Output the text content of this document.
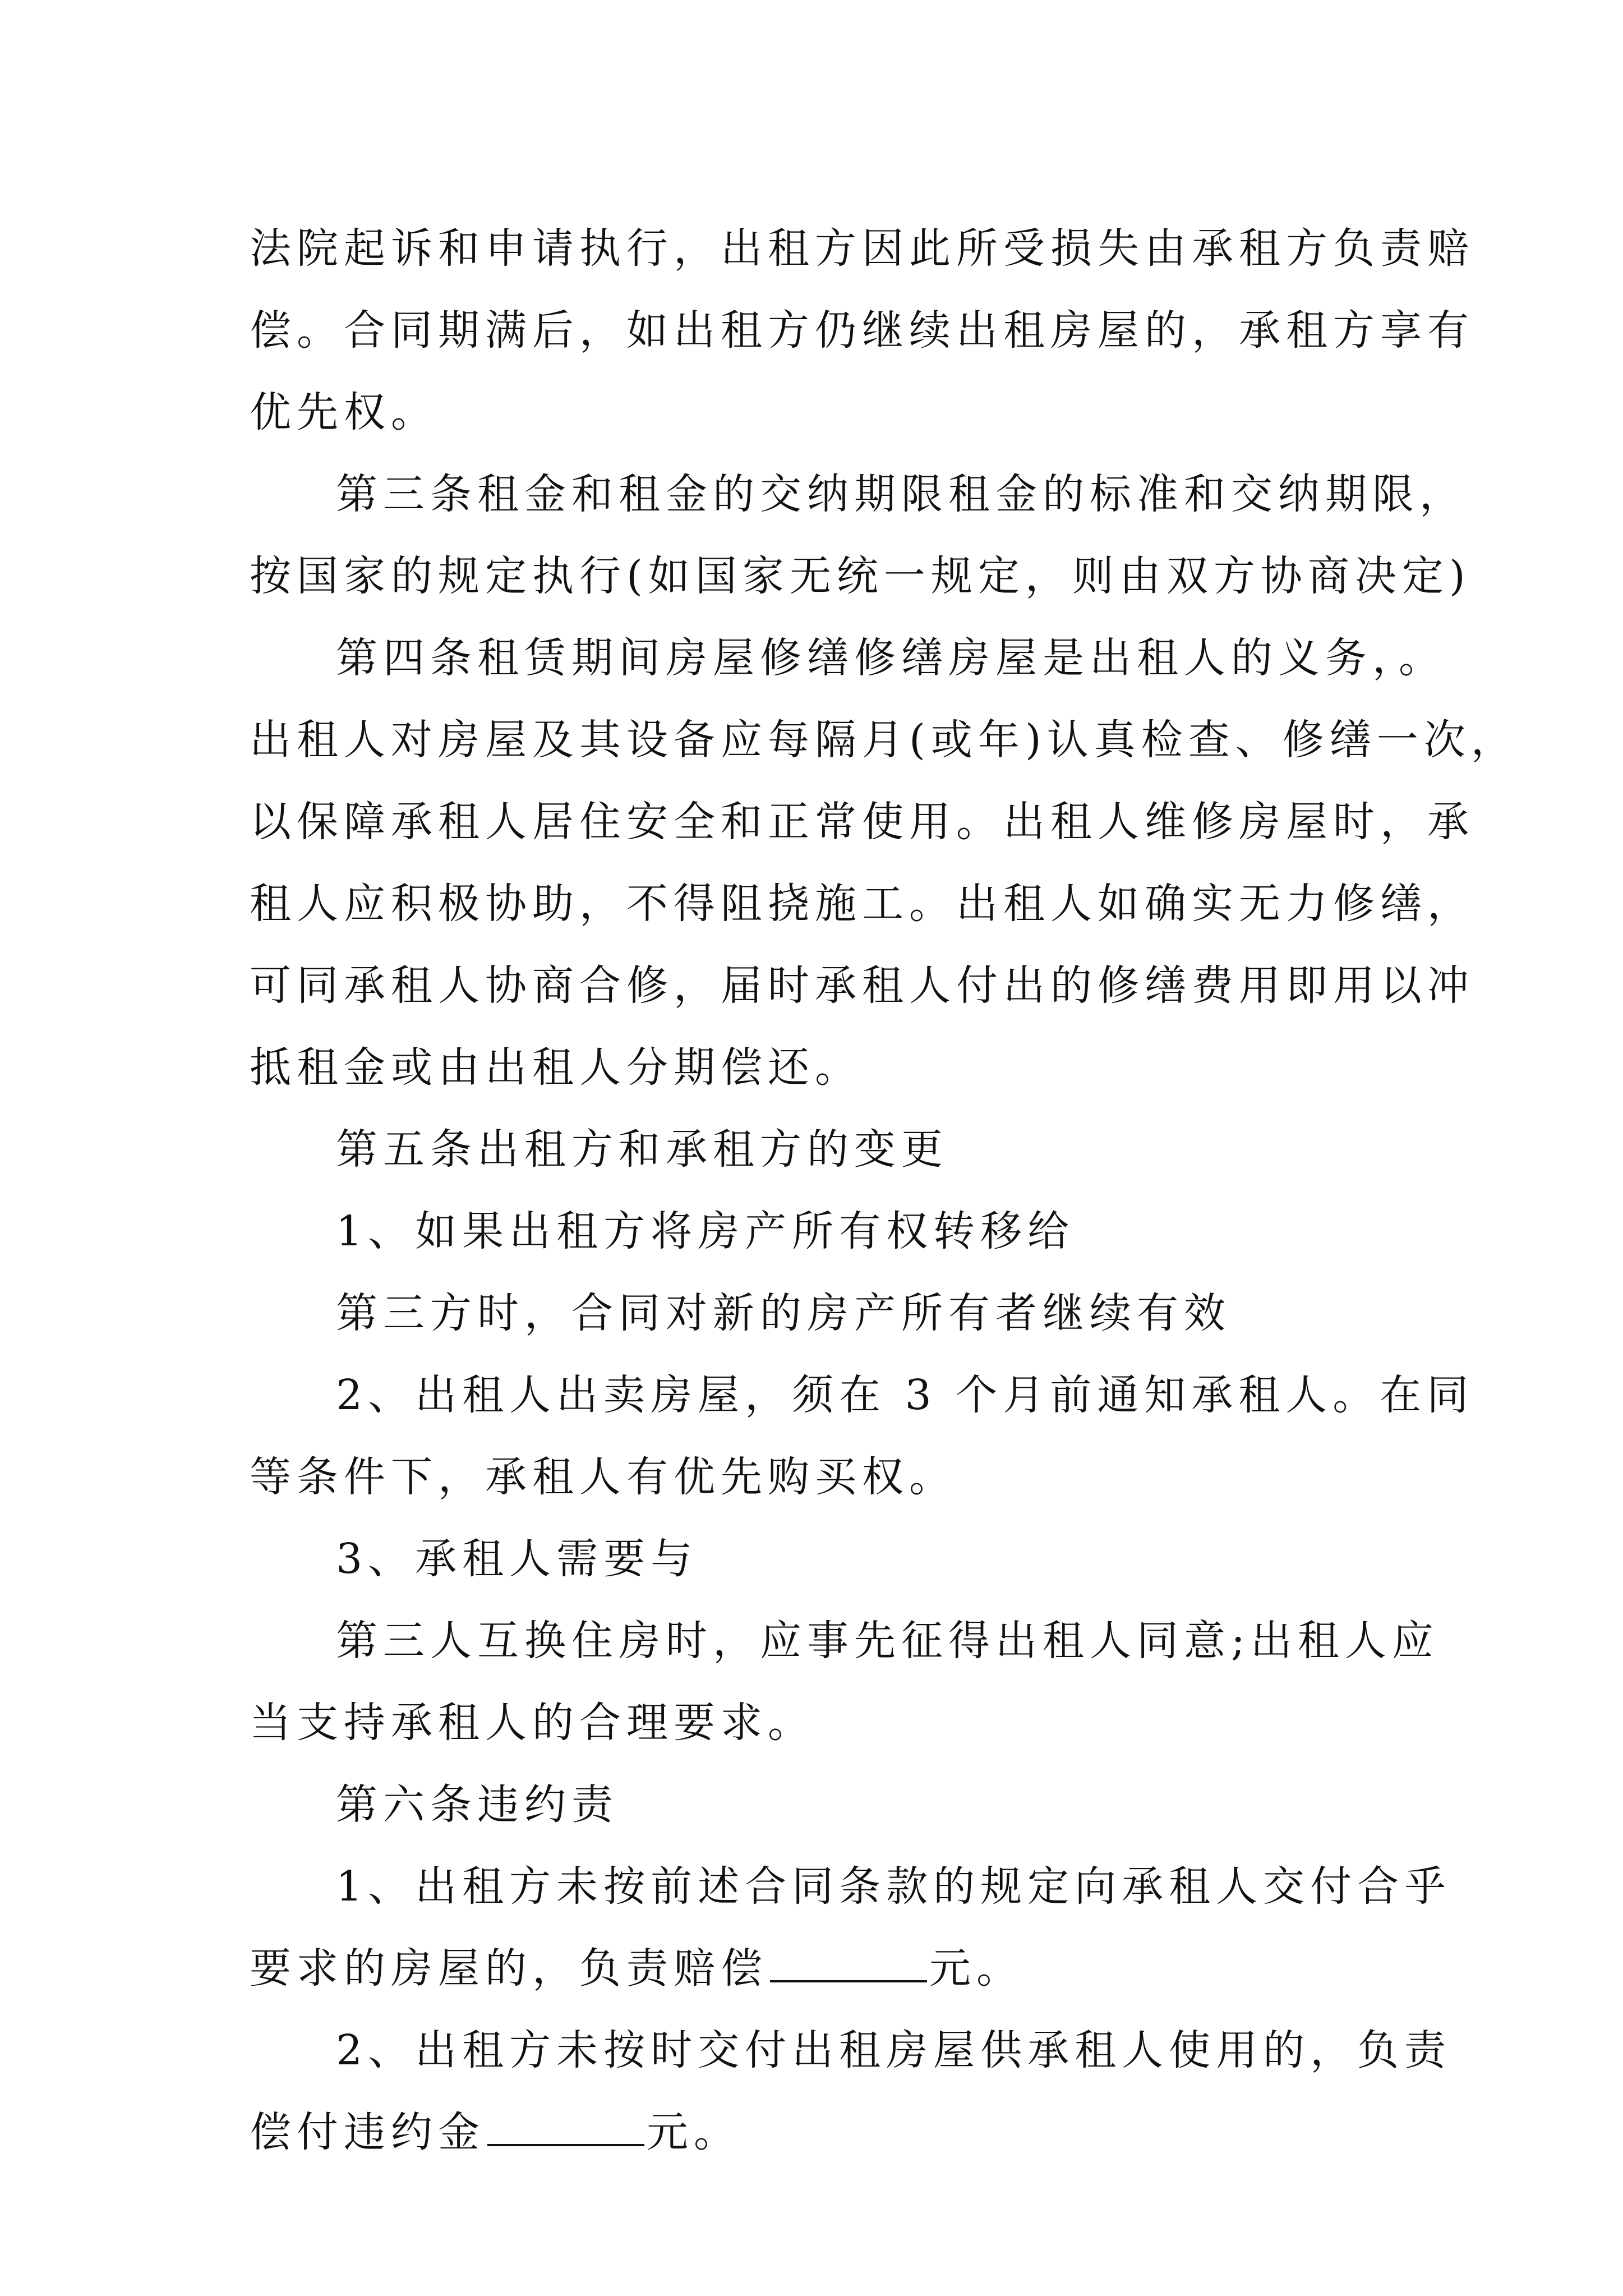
法院起诉和申请执行，出租方因此所受损失由承租方负责赔
偿。合同期满后，如出租方仍继续出租房屋的，承租方享有
优先权。
第三条租金和租金的交纳期限租金的标准和交纳期限，
按国家的规定执行(如国家无统一规定，则由双方协商决定)
第四条租赁期间房屋修缮修缮房屋是出租人的义务，。
出租人对房屋及其设备应每隔月(或年)认真检查、修缮一次，
以保障承租人居住安全和正常使用。出租人维修房屋时，承
租人应积极协助，不得阻挠施工。出租人如确实无力修缮，
可同承租人协商合修，届时承租人付出的修缮费用即用以冲
抵租金或由出租人分期偿还。
第五条出租方和承租方的变更
1、如果出租方将房产所有权转移给
第三方时，合同对新的房产所有者继续有效
2、出租人出卖房屋，须在 3 个月前通知承租人。在同
等条件下，承租人有优先购买权。
3、承租人需要与
第三人互换住房时，应事先征得出租人同意;出租人应
当支持承租人的合理要求。
第六条违约责
1、出租方未按前述合同条款的规定向承租人交付合乎
要求的房屋的，负责赔偿	元。
2、出租方未按时交付出租房屋供承租人使用的，负责
偿付违约金	元。
